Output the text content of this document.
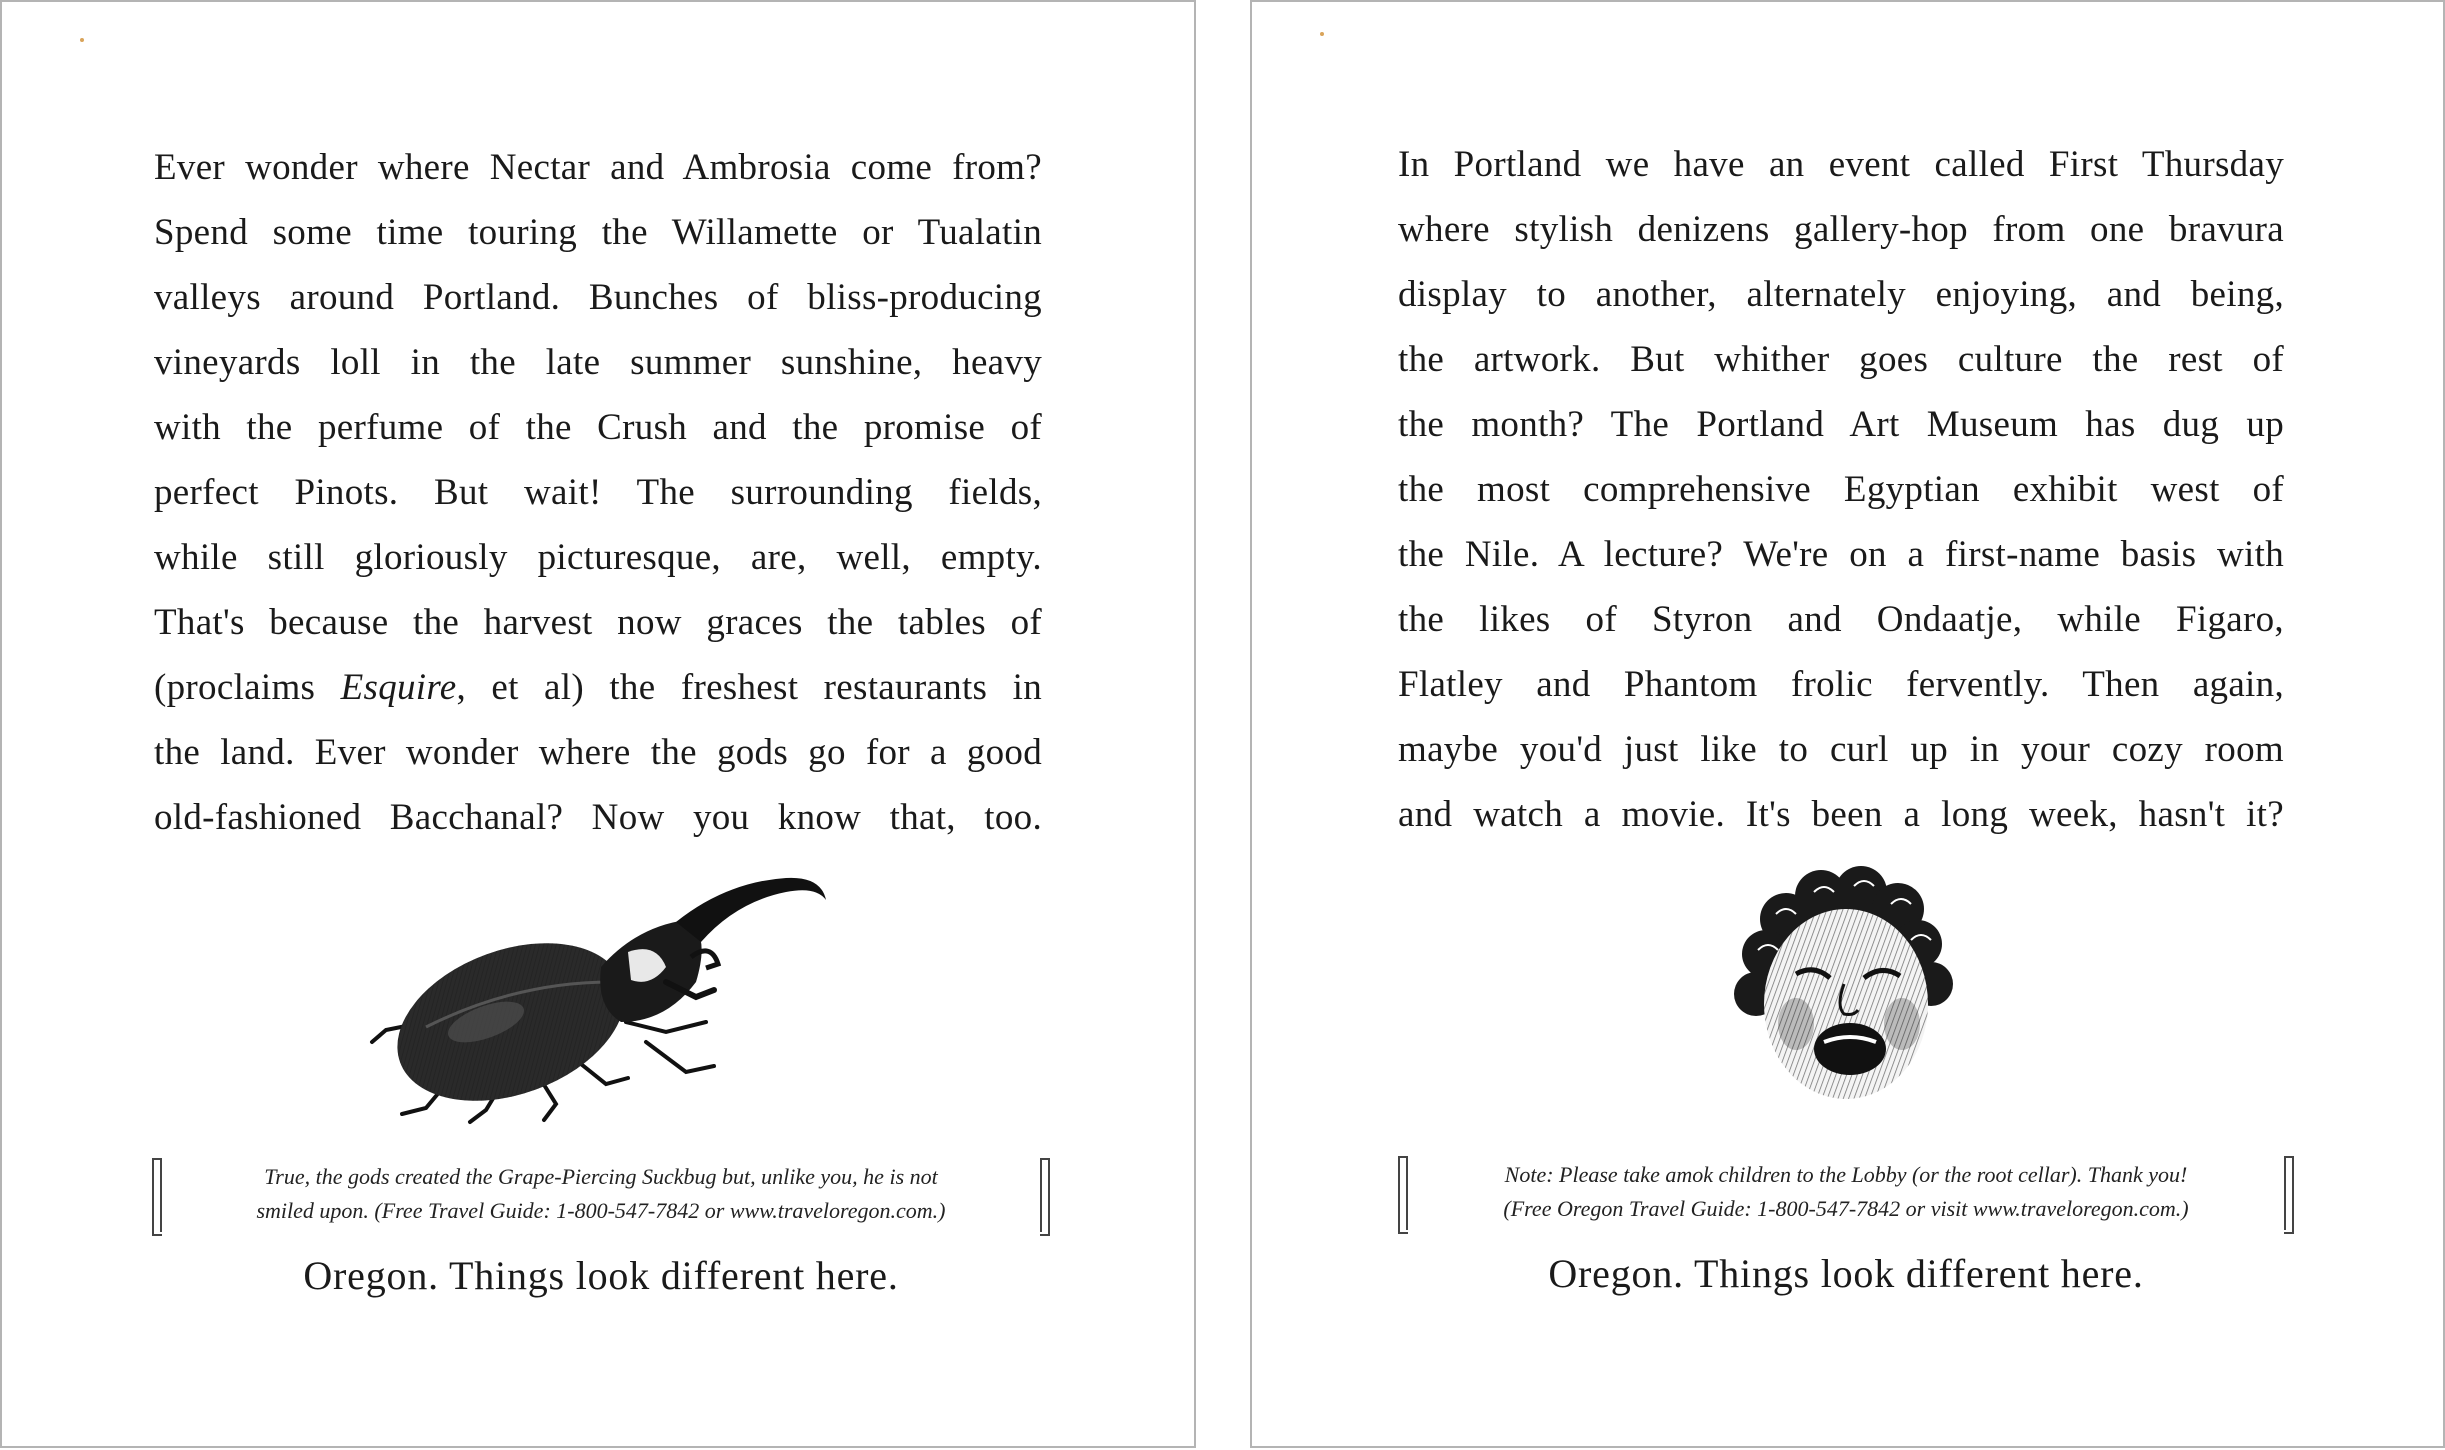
Ever wonder where Nectar and Ambrosia come from?
Spend some time touring the Willamette or Tualatin
valleys around Portland. Bunches of bliss-producing
vineyards loll in the late summer sunshine, heavy
with the perfume of the Crush and the promise of
perfect Pinots. But wait! The surrounding fields,
while still gloriously picturesque, are, well, empty.
That's because the harvest now graces the tables of
(proclaims Esquire, et al) the freshest restaurants in
the land. Ever wonder where the gods go for a good
old-fashioned Bacchanal? Now you know that, too.
True, the gods created the Grape-Piercing Suckbug but, unlike you, he is not
smiled upon. (Free Travel Guide: 1-800-547-7842 or www.traveloregon.com.)
Oregon. Things look different here.
In Portland we have an event called First Thursday
where stylish denizens gallery-hop from one bravura
display to another, alternately enjoying, and being,
the artwork. But whither goes culture the rest of
the month? The Portland Art Museum has dug up
the most comprehensive Egyptian exhibit west of
the Nile. A lecture? We're on a first-name basis with
the likes of Styron and Ondaatje, while Figaro,
Flatley and Phantom frolic fervently. Then again,
maybe you'd just like to curl up in your cozy room
and watch a movie. It's been a long week, hasn't it?
Note: Please take amok children to the Lobby (or the root cellar). Thank you!
(Free Oregon Travel Guide: 1-800-547-7842 or visit www.traveloregon.com.)
Oregon. Things look different here.
